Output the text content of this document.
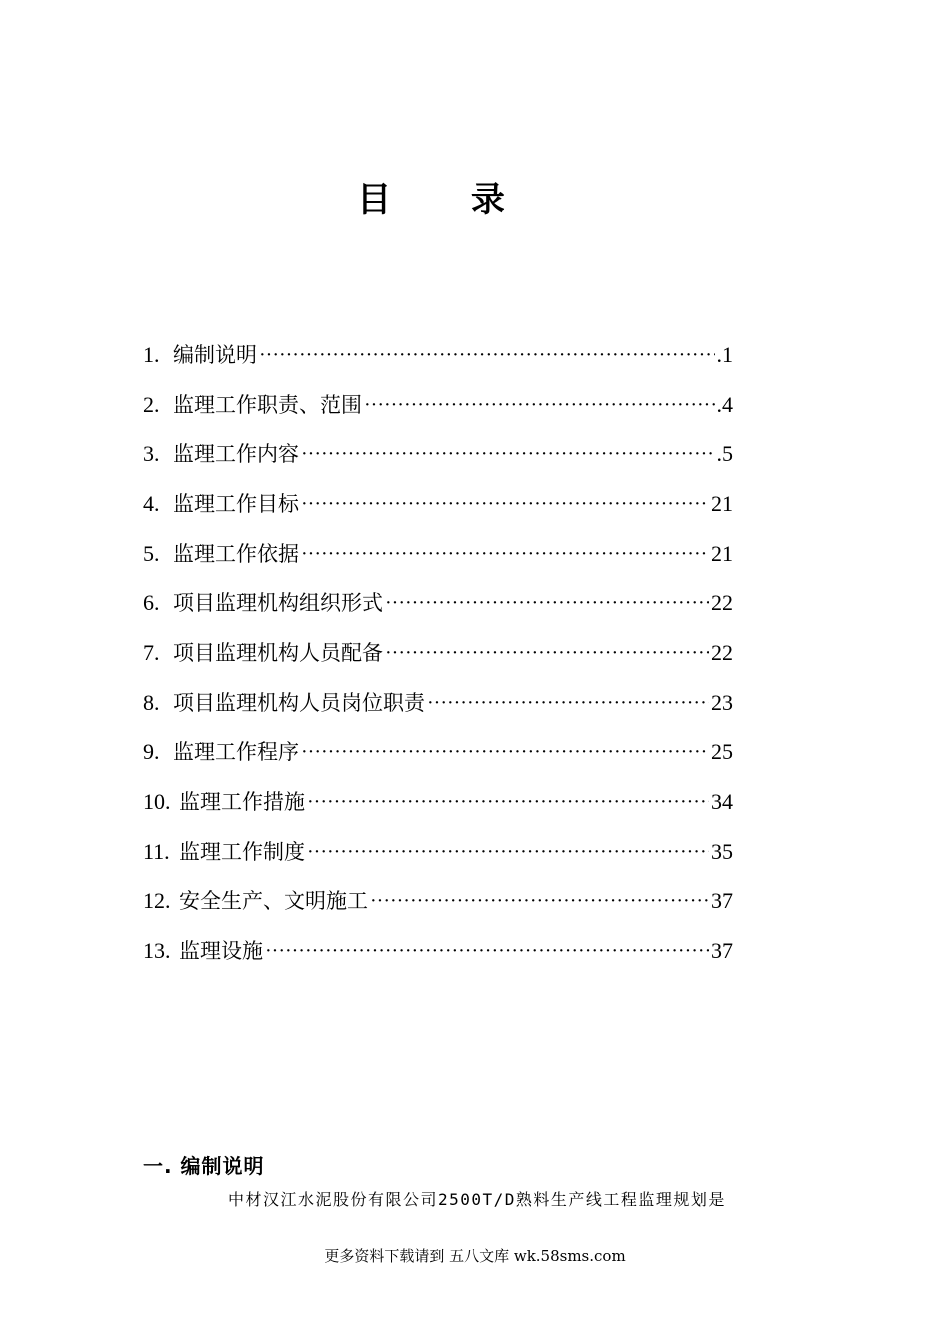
目 录
1. 编制说明 ·····	.1
2. 监理工作职责、范围 ·····	.4
3. 监理工作内容 ·····	.5
4. 监理工作目标 ·····	21
5. 监理工作依据 ·····	21
6. 项目监理机构组织形式 ·····	22
7. 项目监理机构人员配备 ·····	22
8. 项目监理机构人员岗位职责 ·····	23
9. 监理工作程序 ·····	25
10. 监理工作措施 ·····	34
11. 监理工作制度 ·····	35
12. 安全生产、文明施工 ·····	37
13. 监理设施 ·····	37
一. 编制说明
中材汉江水泥股份有限公司2500T/D熟料生产线工程监理规划是
更多资料下载请到 五八文库 wk.58sms.com
